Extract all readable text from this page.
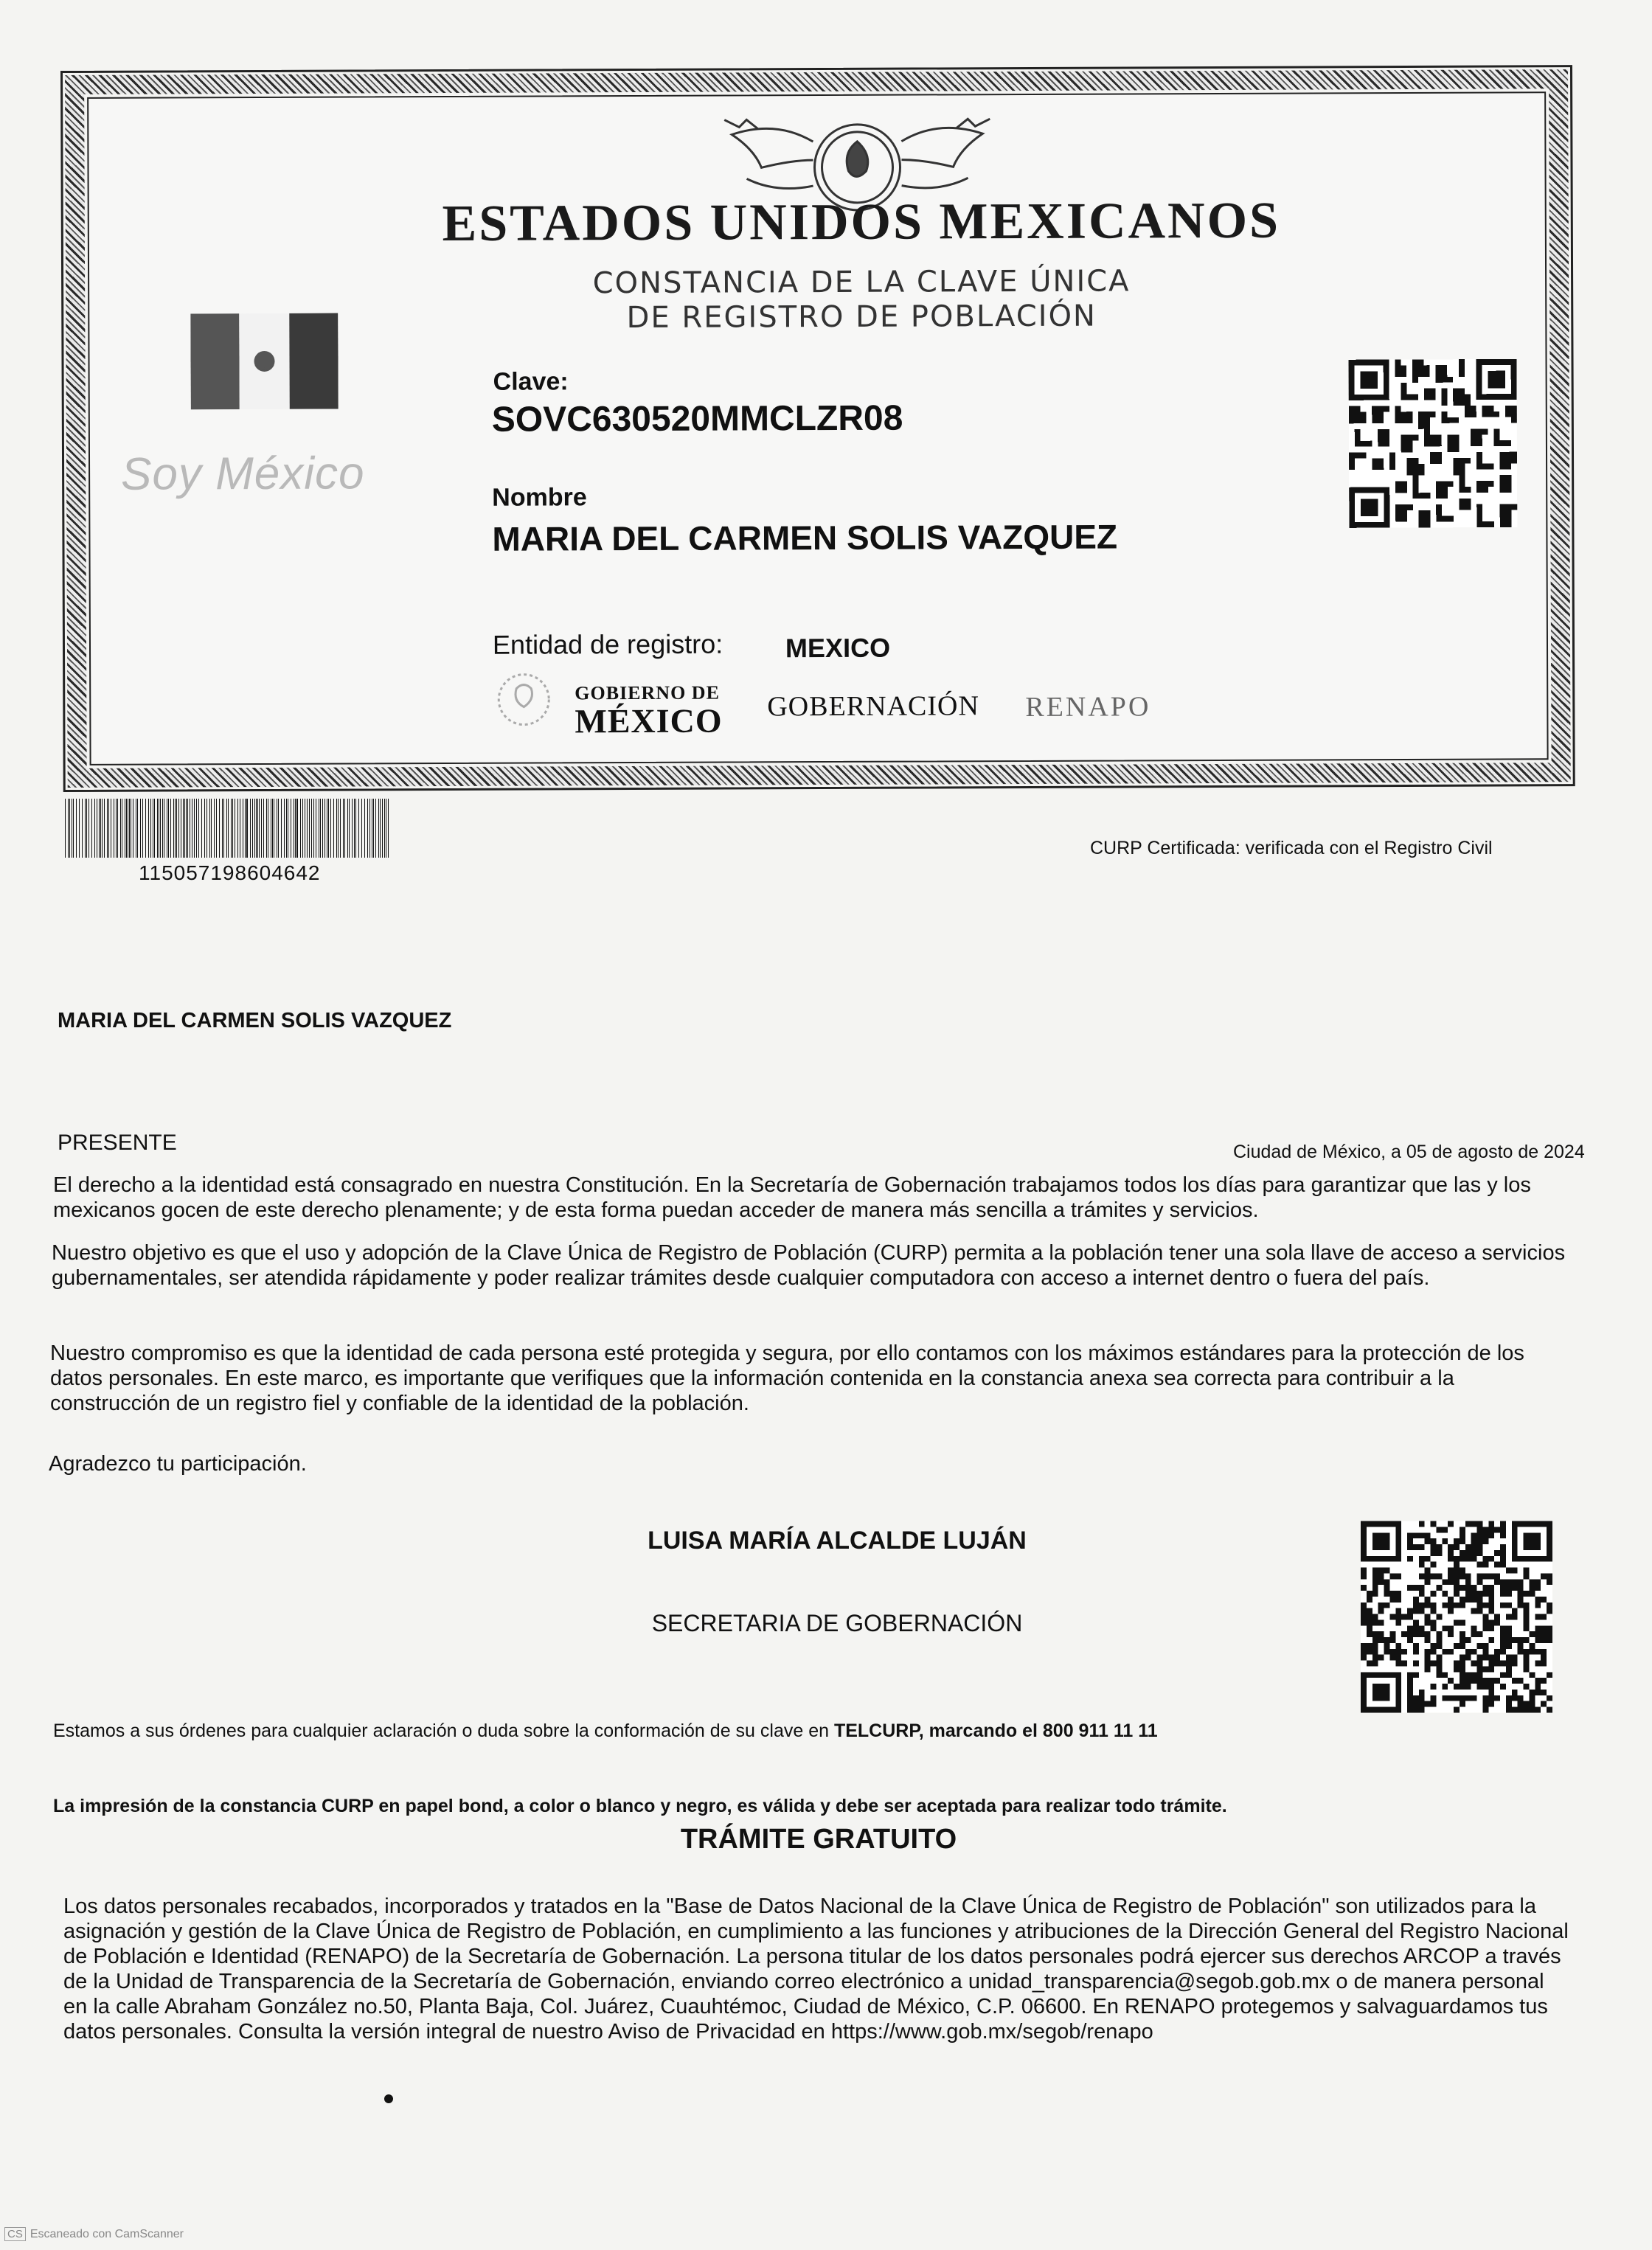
ESTADOS UNIDOS MEXICANOS
CONSTANCIA DE LA CLAVE ÚNICA
DE REGISTRO DE POBLACIÓN
Soy México
Clave:
SOVC630520MMCLZR08
Nombre
MARIA DEL CARMEN SOLIS VAZQUEZ
Entidad de registro: MEXICO
GOBIERNO DE
MÉXICO GOBERNACIÓN RENAPO
115057198604642
CURP Certificada: verificada con el Registro Civil
MARIA DEL CARMEN SOLIS VAZQUEZ
PRESENTE	Ciudad de México, a 05 de agosto de 2024
El derecho a la identidad está consagrado en nuestra Constitución. En la Secretaría de Gobernación trabajamos todos los días para garantizar que las y los
mexicanos gocen de este derecho plenamente; y de esta forma puedan acceder de manera más sencilla a trámites y servicios.
Nuestro objetivo es que el uso y adopción de la Clave Única de Registro de Población (CURP) permita a la población tener una sola llave de acceso a servicios
gubernamentales, ser atendida rápidamente y poder realizar trámites desde cualquier computadora con acceso a internet dentro o fuera del país.
Nuestro compromiso es que la identidad de cada persona esté protegida y segura, por ello contamos con los máximos estándares para la protección de los
datos personales. En este marco, es importante que verifiques que la información contenida en la constancia anexa sea correcta para contribuir a la
construcción de un registro fiel y confiable de la identidad de la población.
Agradezco tu participación.
LUISA MARÍA ALCALDE LUJÁN
SECRETARIA DE GOBERNACIÓN
Estamos a sus órdenes para cualquier aclaración o duda sobre la conformación de su clave en TELCURP, marcando el 800 911 11 11
La impresión de la constancia CURP en papel bond, a color o blanco y negro, es válida y debe ser aceptada para realizar todo trámite.
TRÁMITE GRATUITO
Los datos personales recabados, incorporados y tratados en la "Base de Datos Nacional de la Clave Única de Registro de Población" son utilizados para la
asignación y gestión de la Clave Única de Registro de Población, en cumplimiento a las funciones y atribuciones de la Dirección General del Registro Nacional
de Población e Identidad (RENAPO) de la Secretaría de Gobernación. La persona titular de los datos personales podrá ejercer sus derechos ARCOP a través
de la Unidad de Transparencia de la Secretaría de Gobernación, enviando correo electrónico a unidad_transparencia@segob.gob.mx o de manera personal
en la calle Abraham González no.50, Planta Baja, Col. Juárez, Cuauhtémoc, Ciudad de México, C.P. 06600. En RENAPO protegemos y salvaguardamos tus
datos personales. Consulta la versión integral de nuestro Aviso de Privacidad en https://www.gob.mx/segob/renapo
CS Escaneado con CamScanner
